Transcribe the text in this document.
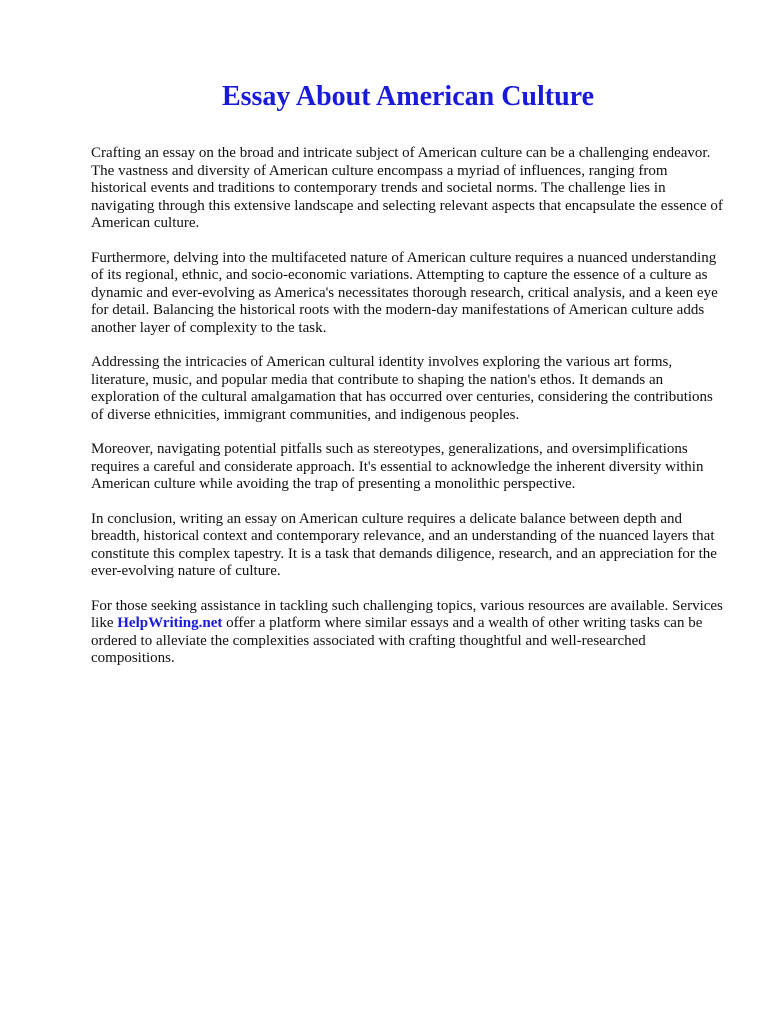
Essay About American Culture

Crafting an essay on the broad and intricate subject of American culture can be a challenging endeavor. The vastness and diversity of American culture encompass a myriad of influences, ranging from historical events and traditions to contemporary trends and societal norms. The challenge lies in navigating through this extensive landscape and selecting relevant aspects that encapsulate the essence of American culture.

Furthermore, delving into the multifaceted nature of American culture requires a nuanced understanding of its regional, ethnic, and socio-economic variations. Attempting to capture the essence of a culture as dynamic and ever-evolving as America's necessitates thorough research, critical analysis, and a keen eye for detail. Balancing the historical roots with the modern-day manifestations of American culture adds another layer of complexity to the task.

Addressing the intricacies of American cultural identity involves exploring the various art forms, literature, music, and popular media that contribute to shaping the nation's ethos. It demands an exploration of the cultural amalgamation that has occurred over centuries, considering the contributions of diverse ethnicities, immigrant communities, and indigenous peoples.

Moreover, navigating potential pitfalls such as stereotypes, generalizations, and oversimplifications requires a careful and considerate approach. It's essential to acknowledge the inherent diversity within American culture while avoiding the trap of presenting a monolithic perspective.

In conclusion, writing an essay on American culture requires a delicate balance between depth and breadth, historical context and contemporary relevance, and an understanding of the nuanced layers that constitute this complex tapestry. It is a task that demands diligence, research, and an appreciation for the ever-evolving nature of culture.

For those seeking assistance in tackling such challenging topics, various resources are available. Services like HelpWriting.net offer a platform where similar essays and a wealth of other writing tasks can be ordered to alleviate the complexities associated with crafting thoughtful and well-researched compositions.
